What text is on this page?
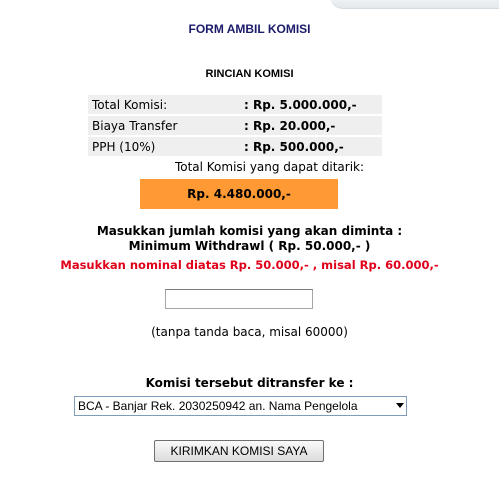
FORM AMBIL KOMISI
RINCIAN KOMISI
Total Komisi:	: Rp. 5.000.000,-
Biaya Transfer	: Rp. 20.000,-
PPH (10%)	: Rp. 500.000,-
Total Komisi yang dapat ditarik:
Rp. 4.480.000,-
Masukkan jumlah komisi yang akan diminta :
Minimum Withdrawl ( Rp. 50.000,- )
Masukkan nominal diatas Rp. 50.000,- , misal Rp. 60.000,-
(tanpa tanda baca, misal 60000)
Komisi tersebut ditransfer ke :
BCA - Banjar Rek. 2030250942 an. Nama Pengelola
KIRIMKAN KOMISI SAYA
